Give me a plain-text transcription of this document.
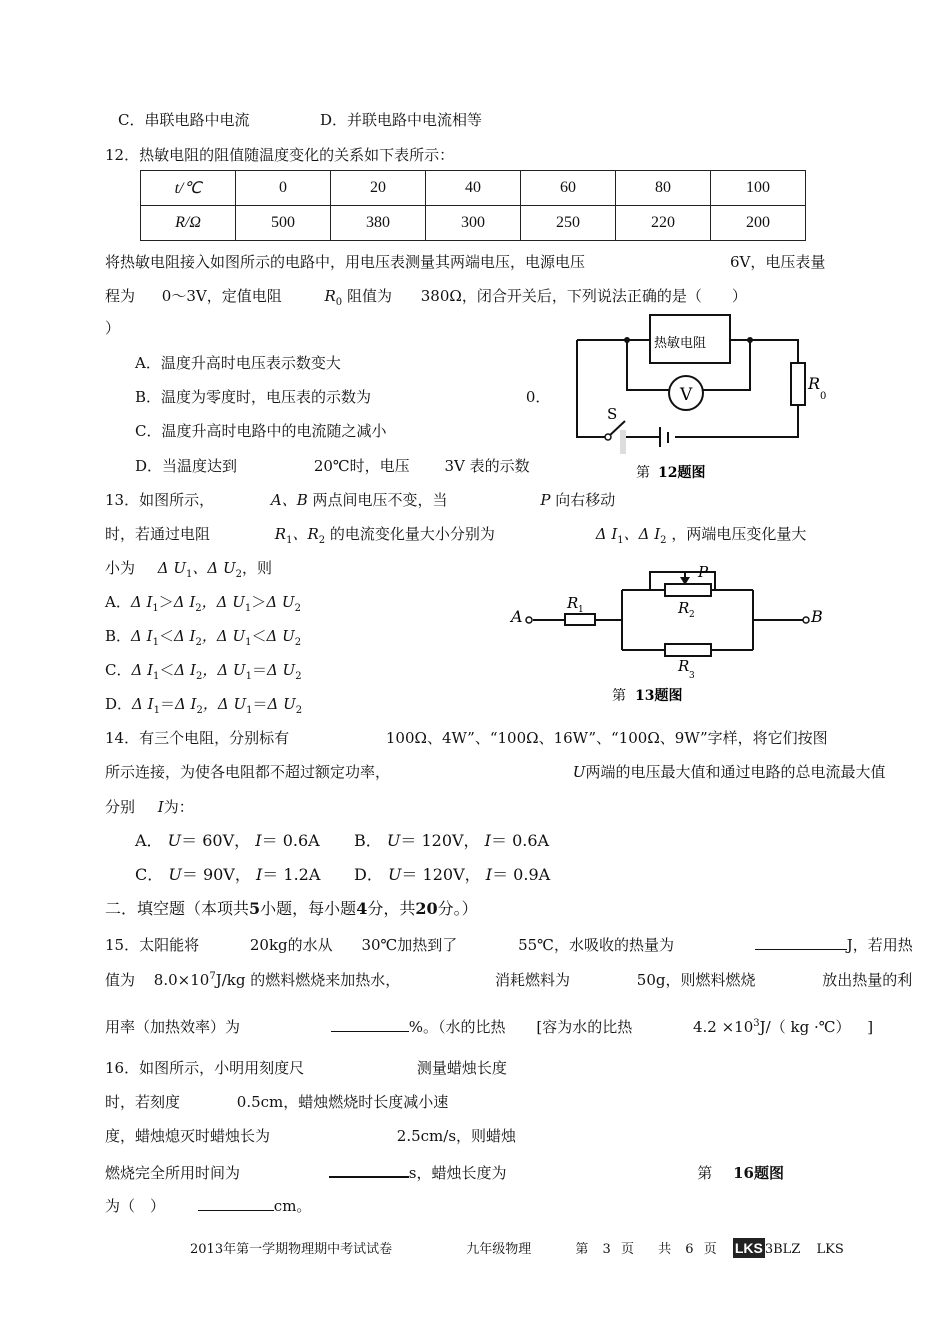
C．串联电路中电流	D．并联电路中电流相等
12．热敏电阻的阻值随温度变化的关系如下表所示：
t/℃	0	20	40	60	80	100
R/Ω	500	380	300	250	220	200
将热敏电阻接入如图所示的电路中，用电压表测量其两端电压，电源电压	6V，电压表量
程为 0～3V，定值电阻	$R_0$ 阻值为 380Ω，闭合开关后，下列说法正确的是（　　）
）
A．温度升高时电压表示数变大
B．温度为零度时，电压表的示数为	0．
C．温度升高时电路中的电流随之减小
D．当温度达到	20℃时，电压 3V 表的示数
热敏电阻
V
S
R
0
第 12题图
13．如图所示，	A、B 两点间电压不变，当	P 向右移动
时，若通过电阻	$R_1$、$R_2$ 的电流变化量大小分别为	Δ $I_1$、Δ $I_2$ ，两端电压变化量大
小为 Δ $U_1$、Δ $U_2$，则
A．Δ $I_1>\Delta$ $I_2$，Δ $U_1>\Delta$ $U_2$
B．Δ $I_1<\Delta$ $I_2$，Δ $U_1<\Delta$ $U_2$
C．Δ $I_1<\Delta$ $I_2$，Δ $U_1=\Delta$ $U_2$
D．Δ $I_1=\Delta$ $I_2$，Δ $U_1=\Delta$ $U_2$
A	B
P
R 1	R 2
R
3
第 13题图
14．有三个电阻，分别标有	100Ω、4W”、“100Ω、16W”、“100Ω、9W”字样，将它们按图
所示连接，为使各电阻都不超过额定功率，	U两端的电压最大值和通过电路的总电流最大值
分别 I为：
A． U＝ 60V， I＝ 0.6A B． U＝ 120V， I＝ 0.6A
C． U＝ 90V， I＝ 1.2A D． U＝ 120V， I＝ 0.9A
二．填空题（本项共5小题，每小题4分，共20分。）
15．太阳能将	20kg的水从 30℃加热到了	55℃，水吸收的热量为	J，若用热
值为 $8.0\times 10^7J/kg$ 的燃料燃烧来加热水，	消耗燃料为	50g，则燃料燃烧	放出热量的利
用率（加热效率）为	%。（水的比热 [容为水的比热	$4.2 \times 10^3J/$（ kg ·℃） ]
16．如图所示，小明用刻度尺	测量蜡烛长度
时，若刻度	0.5cm，蜡烛燃烧时长度减小速
度，蜡烛熄灭时蜡烛长为	2.5cm/s，则蜡烛
燃烧完全所用时间为	s，蜡烛长度为	第 16题图
为（　）	cm。
2013年第一学期物理期中考试试卷	九年级物理	第 3 页 共 6 页 LKS 3BLZ LKS
